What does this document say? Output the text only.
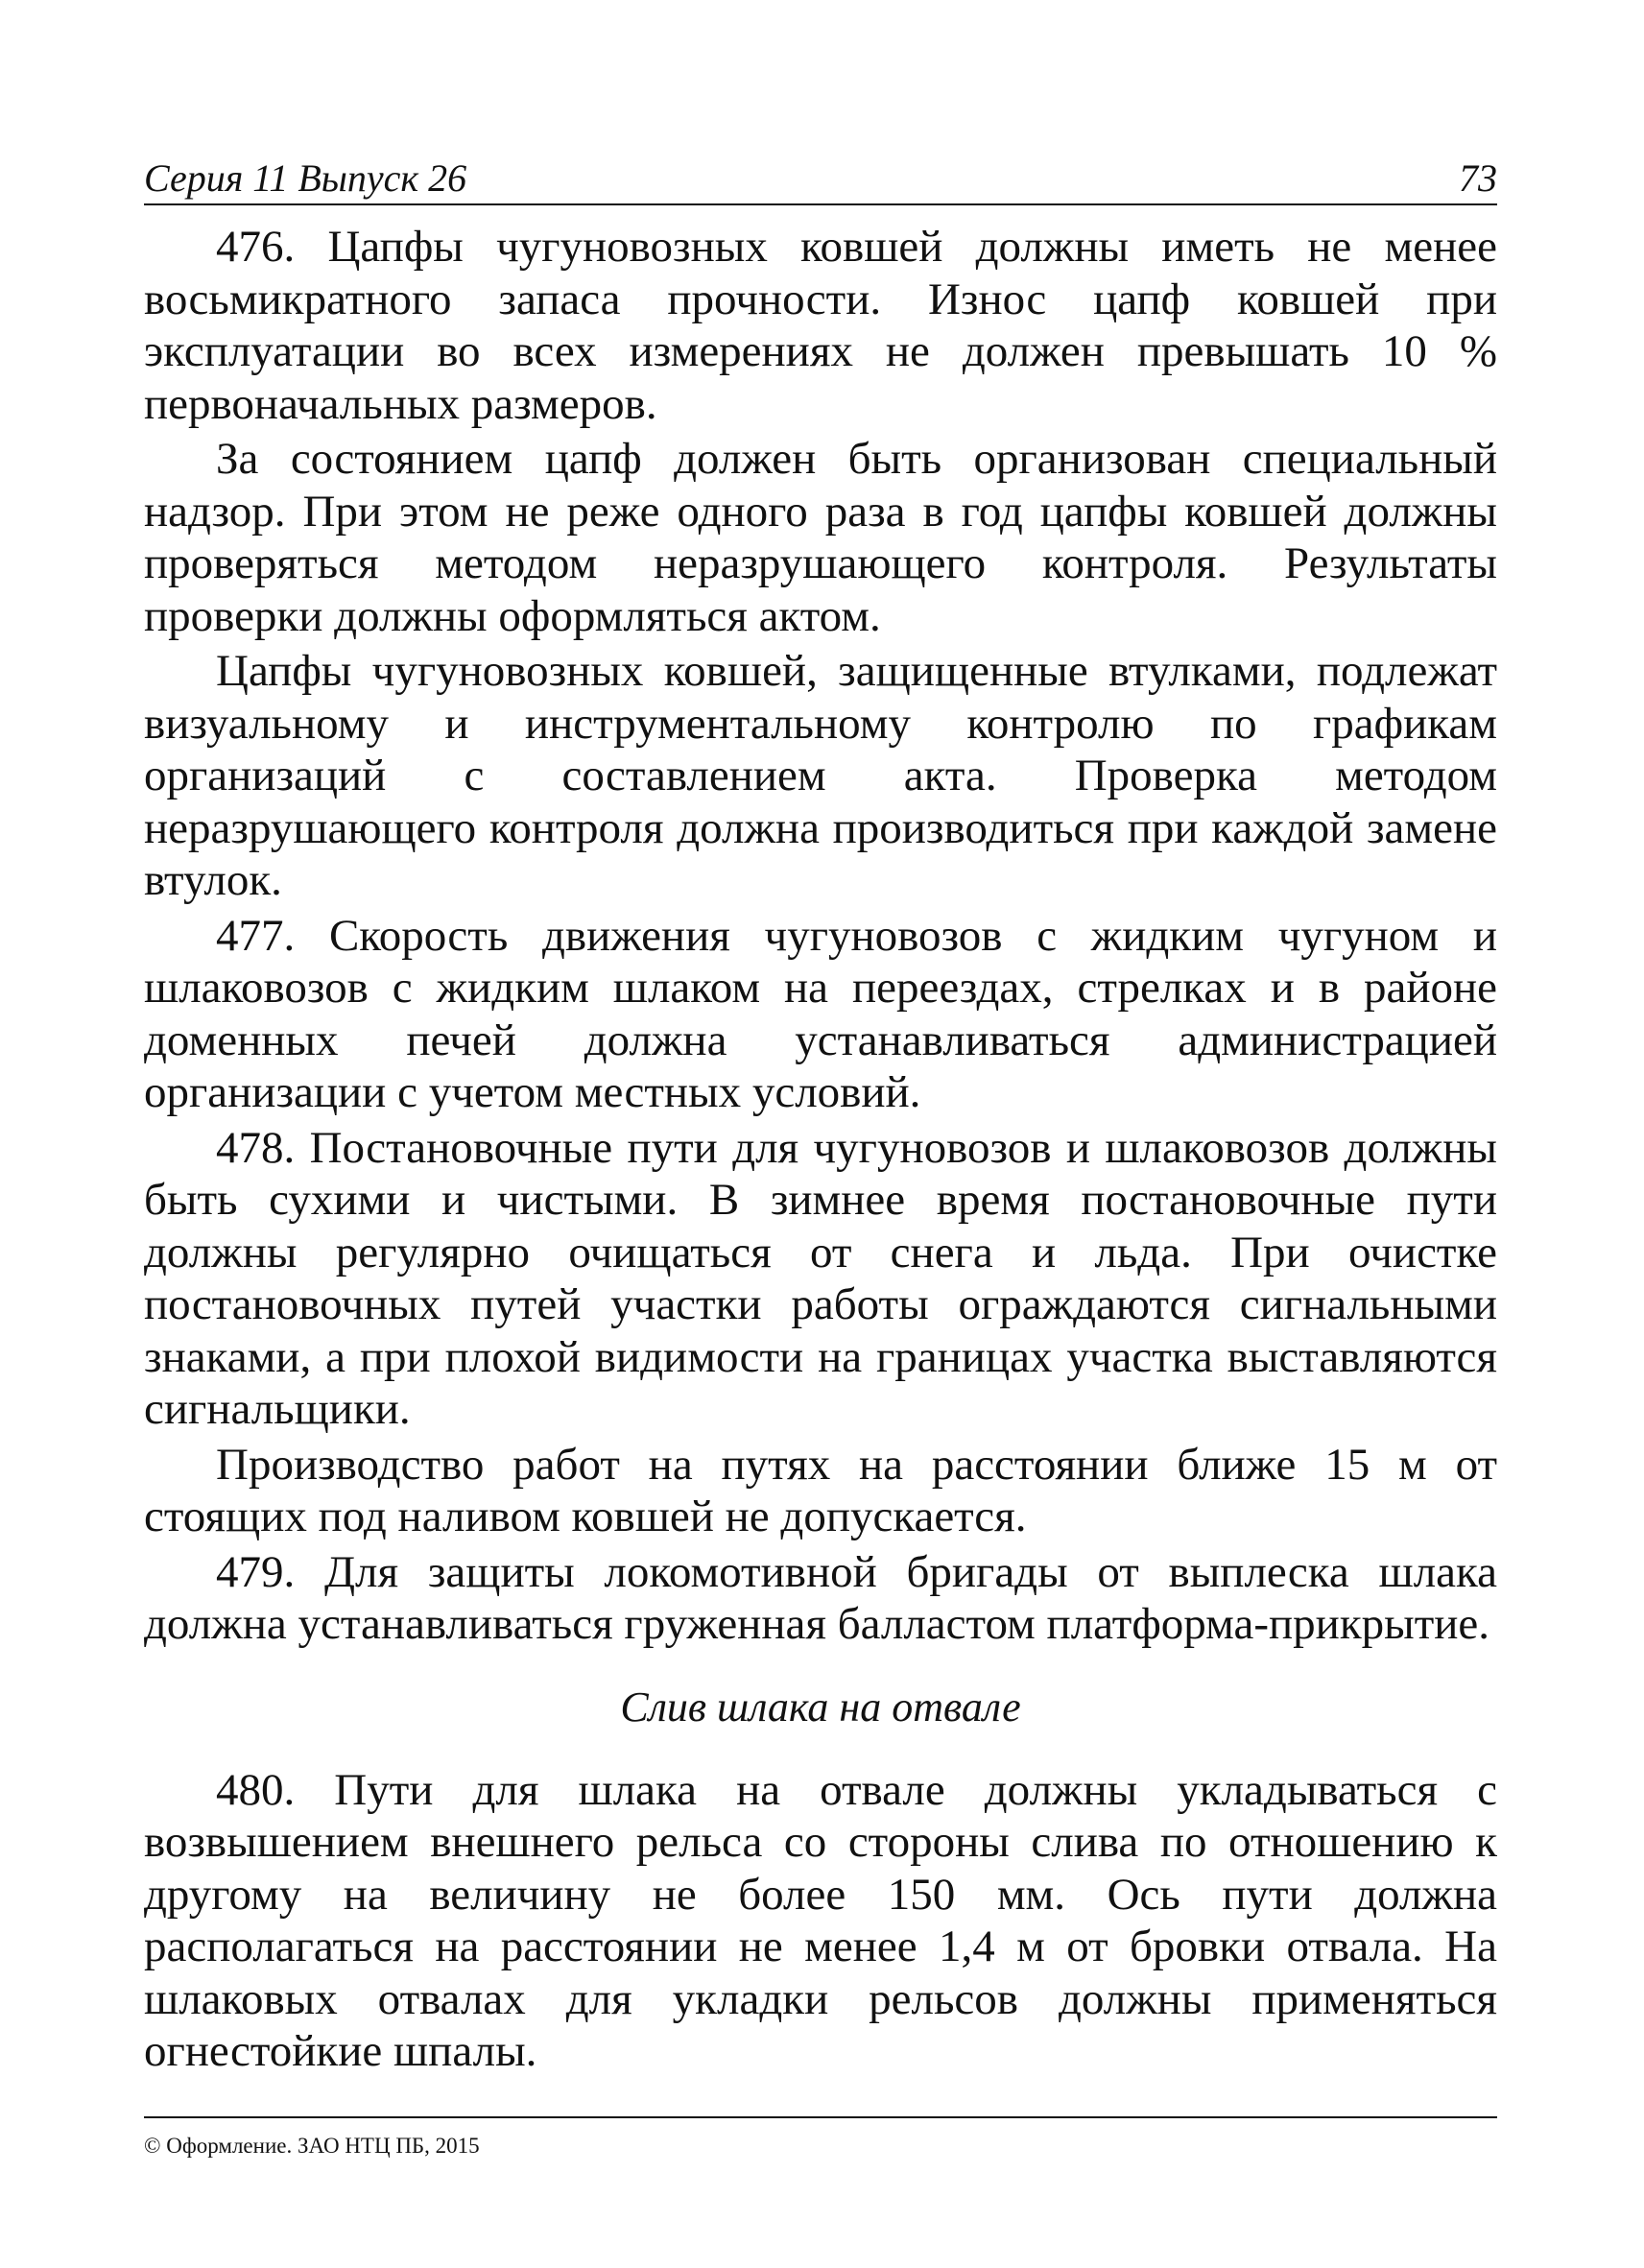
Серия 11 Выпуск 26	73

476. Цапфы чугуновозных ковшей должны иметь не менее восьмикратного запаса прочности. Износ цапф ковшей при эксплуатации во всех измерениях не должен превышать 10 % первоначальных размеров.

За состоянием цапф должен быть организован специальный надзор. При этом не реже одного раза в год цапфы ковшей должны проверяться методом неразрушающего контроля. Результаты проверки должны оформляться актом.

Цапфы чугуновозных ковшей, защищенные втулками, подлежат визуальному и инструментальному контролю по графикам организаций с составлением акта. Проверка методом неразрушающего контроля должна производиться при каждой замене втулок.

477. Скорость движения чугуновозов с жидким чугуном и шлаковозов с жидким шлаком на переездах, стрелках и в районе доменных печей должна устанавливаться администрацией организации с учетом местных условий.

478. Постановочные пути для чугуновозов и шлаковозов должны быть сухими и чистыми. В зимнее время постановочные пути должны регулярно очищаться от снега и льда. При очистке постановочных путей участки работы ограждаются сигнальными знаками, а при плохой видимости на границах участка выставляются сигнальщики.

Производство работ на путях на расстоянии ближе 15 м от стоящих под наливом ковшей не допускается.

479. Для защиты локомотивной бригады от выплеска шлака должна устанавливаться груженная балластом платформа-прикрытие.

Слив шлака на отвале

480. Пути для шлака на отвале должны укладываться с возвышением внешнего рельса со стороны слива по отношению к другому на величину не более 150 мм. Ось пути должна располагаться на расстоянии не менее 1,4 м от бровки отвала. На шлаковых отвалах для укладки рельсов должны применяться огнестойкие шпалы.

© Оформление. ЗАО НТЦ ПБ, 2015
